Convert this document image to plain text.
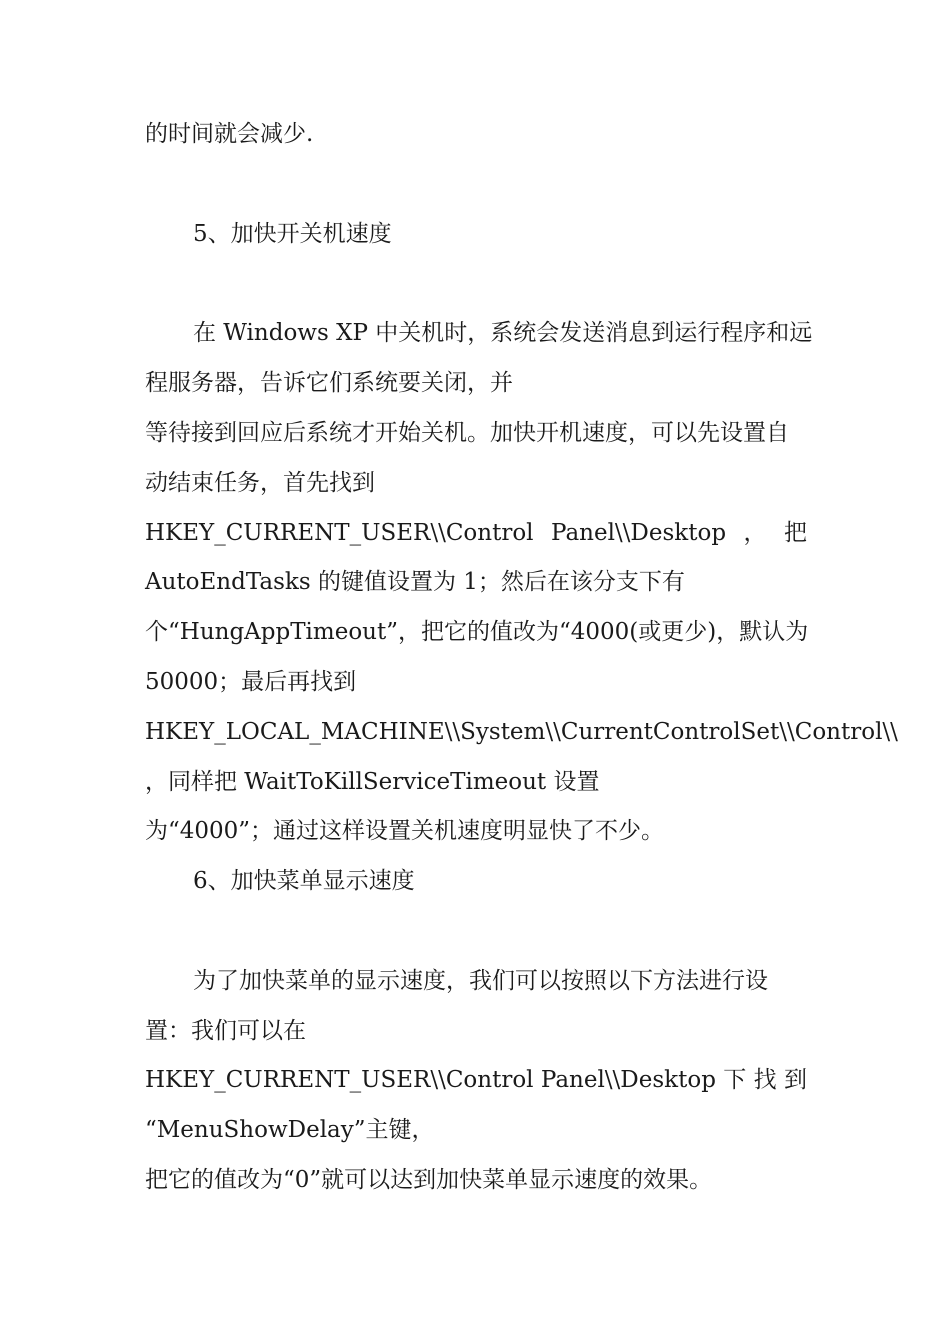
的时间就会减少.
5、加快开关机速度
在 Windows XP 中关机时，系统会发送消息到运行程序和远
程服务器，告诉它们系统要关闭，并
等待接到回应后系统才开始关机。加快开机速度，可以先设置自
动结束任务，首先找到
HKEY_CURRENT_USER\\Control Panel\\Desktop ， 把
AutoEndTasks 的键值设置为 1；然后在该分支下有
个“HungAppTimeout”，把它的值改为“4000(或更少)，默认为
50000；最后再找到
HKEY_LOCAL_MACHINE\\System\\CurrentControlSet\\Control\\
，同样把 WaitToKillServiceTimeout 设置
为“4000”；通过这样设置关机速度明显快了不少。
6、加快菜单显示速度
为了加快菜单的显示速度，我们可以按照以下方法进行设
置：我们可以在
HKEY_CURRENT_USER\\Control Panel\\Desktop 下 找 到
“MenuShowDelay”主键，
把它的值改为“0”就可以达到加快菜单显示速度的效果。
